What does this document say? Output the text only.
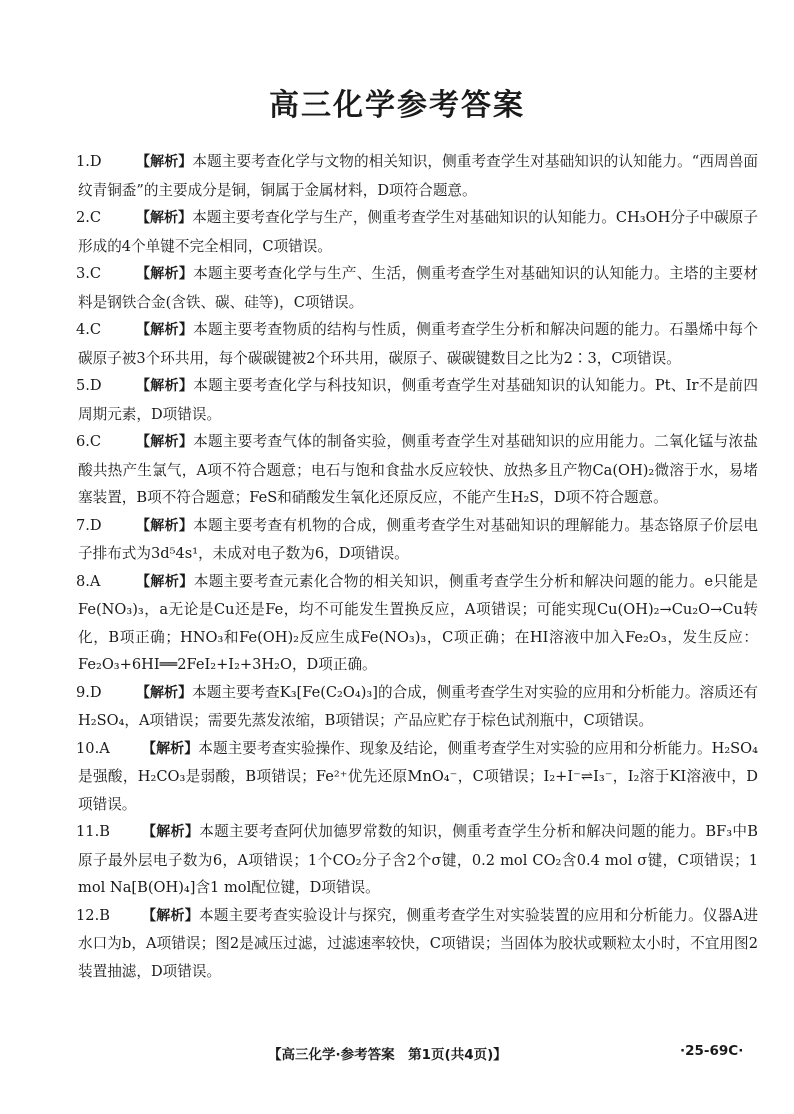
高三化学参考答案
1.D	【解析】本题主要考查化学与文物的相关知识，侧重考查学生对基础知识的认知能力。“西周兽面纹青铜盉”的主要成分是铜，铜属于金属材料，D项符合题意。
2.C	【解析】本题主要考查化学与生产，侧重考查学生对基础知识的认知能力。CH₃OH分子中碳原子形成的4个单键不完全相同，C项错误。
3.C	【解析】本题主要考查化学与生产、生活，侧重考查学生对基础知识的认知能力。主塔的主要材料是钢铁合金(含铁、碳、硅等)，C项错误。
4.C	【解析】本题主要考查物质的结构与性质，侧重考查学生分析和解决问题的能力。石墨烯中每个碳原子被3个环共用，每个碳碳键被2个环共用，碳原子、碳碳键数目之比为2∶3，C项错误。
5.D	【解析】本题主要考查化学与科技知识，侧重考查学生对基础知识的认知能力。Pt、Ir不是前四周期元素，D项错误。
6.C	【解析】本题主要考查气体的制备实验，侧重考查学生对基础知识的应用能力。二氧化锰与浓盐酸共热产生氯气，A项不符合题意；电石与饱和食盐水反应较快、放热多且产物Ca(OH)₂微溶于水，易堵塞装置，B项不符合题意；FeS和硝酸发生氧化还原反应，不能产生H₂S，D项不符合题意。
7.D	【解析】本题主要考查有机物的合成，侧重考查学生对基础知识的理解能力。基态铬原子价层电子排布式为3d⁵4s¹，未成对电子数为6，D项错误。
8.A	【解析】本题主要考查元素化合物的相关知识，侧重考查学生分析和解决问题的能力。e只能是Fe(NO₃)₃，a无论是Cu还是Fe，均不可能发生置换反应，A项错误；可能实现Cu(OH)₂→Cu₂O→Cu转化，B项正确；HNO₃和Fe(OH)₂反应生成Fe(NO₃)₃，C项正确；在HI溶液中加入Fe₂O₃，发生反应：Fe₂O₃+6HI══2FeI₂+I₂+3H₂O，D项正确。
9.D	【解析】本题主要考查K₃[Fe(C₂O₄)₃]的合成，侧重考查学生对实验的应用和分析能力。溶质还有H₂SO₄，A项错误；需要先蒸发浓缩，B项错误；产品应贮存于棕色试剂瓶中，C项错误。
10.A	【解析】本题主要考查实验操作、现象及结论，侧重考查学生对实验的应用和分析能力。H₂SO₄是强酸，H₂CO₃是弱酸，B项错误；Fe²⁺优先还原MnO₄⁻，C项错误；I₂+I⁻⇌I₃⁻，I₂溶于KI溶液中，D项错误。
11.B	【解析】本题主要考查阿伏加德罗常数的知识，侧重考查学生分析和解决问题的能力。BF₃中B原子最外层电子数为6，A项错误；1个CO₂分子含2个σ键，0.2 mol CO₂含0.4 mol σ键，C项错误；1 mol Na[B(OH)₄]含1 mol配位键，D项错误。
12.B	【解析】本题主要考查实验设计与探究，侧重考查学生对实验装置的应用和分析能力。仪器A进水口为b，A项错误；图2是减压过滤，过滤速率较快，C项错误；当固体为胶状或颗粒太小时，不宜用图2装置抽滤，D项错误。
【高三化学·参考答案　第1页(共4页)】	·25-69C·
